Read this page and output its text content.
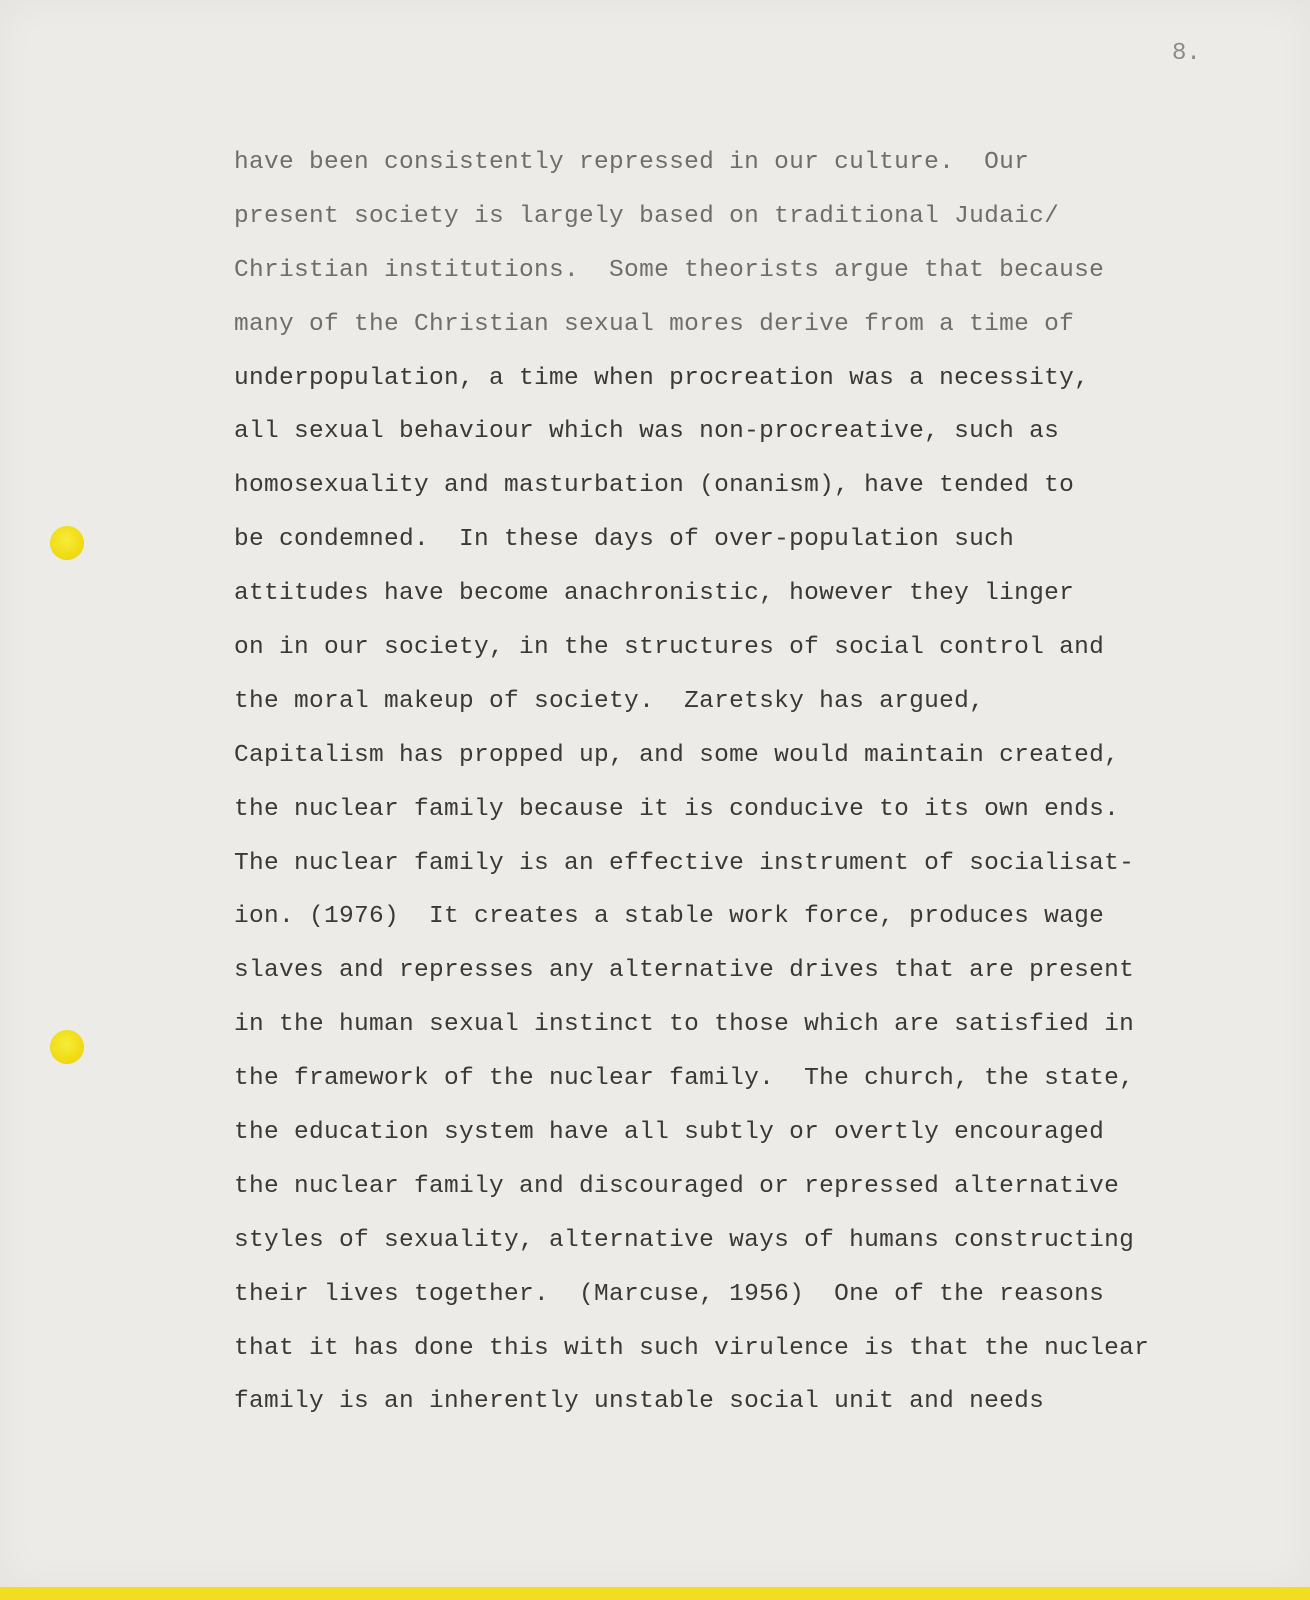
8.
have been consistently repressed in our culture.  Our
present society is largely based on traditional Judaic/
Christian institutions.  Some theorists argue that because
many of the Christian sexual mores derive from a time of
underpopulation, a time when procreation was a necessity,
all sexual behaviour which was non-procreative, such as
homosexuality and masturbation (onanism), have tended to
be condemned.  In these days of over-population such
attitudes have become anachronistic, however they linger
on in our society, in the structures of social control and
the moral makeup of society.  Zaretsky has argued,
Capitalism has propped up, and some would maintain created,
the nuclear family because it is conducive to its own ends.
The nuclear family is an effective instrument of socialisat-
ion. (1976)  It creates a stable work force, produces wage
slaves and represses any alternative drives that are present
in the human sexual instinct to those which are satisfied in
the framework of the nuclear family.  The church, the state,
the education system have all subtly or overtly encouraged
the nuclear family and discouraged or repressed alternative
styles of sexuality, alternative ways of humans constructing
their lives together.  (Marcuse, 1956)  One of the reasons
that it has done this with such virulence is that the nuclear
family is an inherently unstable social unit and needs
